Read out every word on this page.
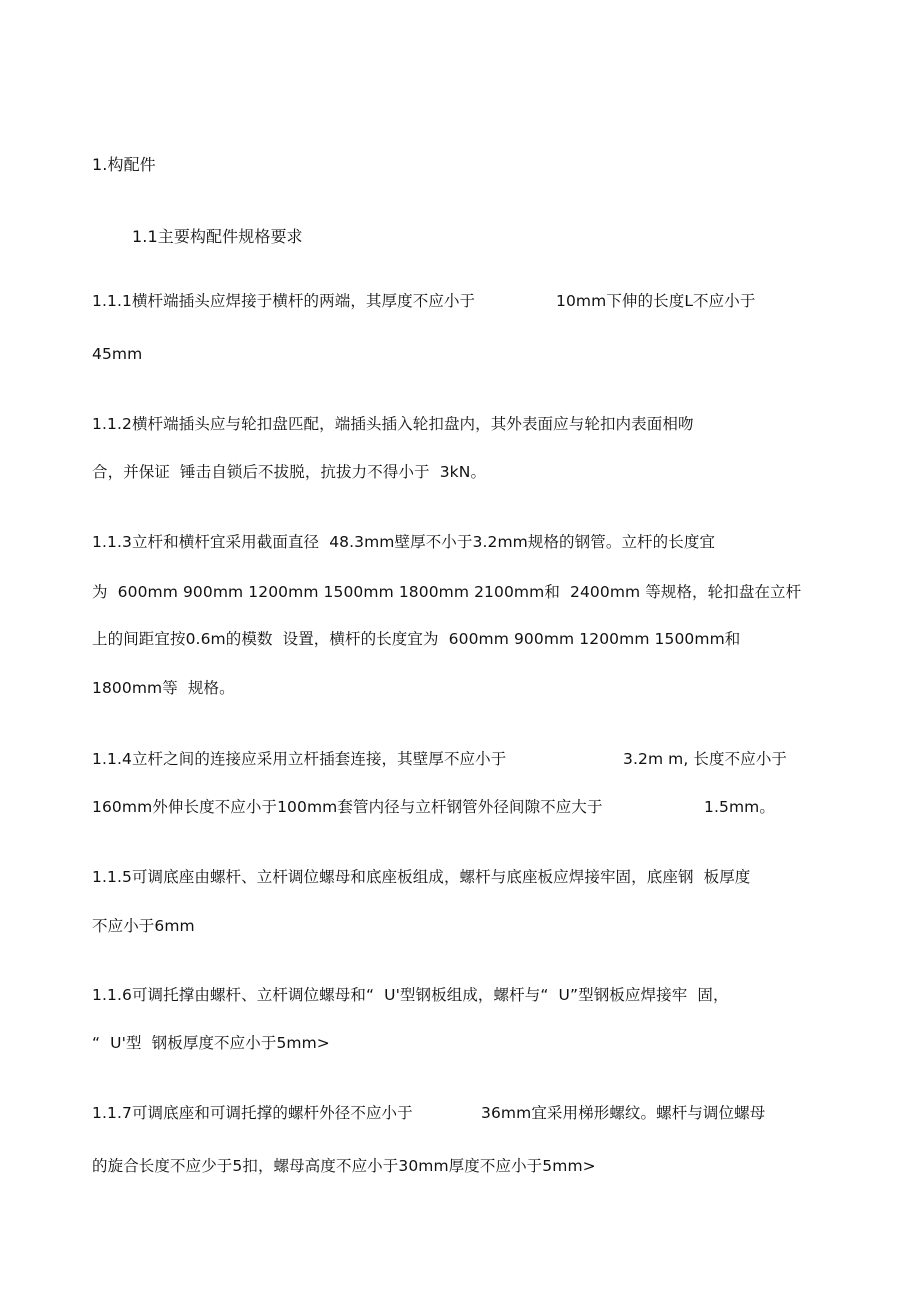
1.构配件
1.1主要构配件规格要求
1.1.1横杆端插头应焊接于横杆的两端，其厚度不应小于	10mm下伸的长度L不应小于
45mm
1.1.2横杆端插头应与轮扣盘匹配，端插头插入轮扣盘内，其外表面应与轮扣内表面相吻
合，并保证  锤击自锁后不拔脱，抗拔力不得小于  3kN。
1.1.3立杆和横杆宜采用截面直径  48.3mm壁厚不小于3.2mm规格的钢管。立杆的长度宜
为  600mm 900mm 1200mm 1500mm 1800mm 2100mm和  2400mm 等规格，轮扣盘在立杆
上的间距宜按0.6m的模数  设置，横杆的长度宜为  600mm 900mm 1200mm 1500mm和
1800mm等  规格。
1.1.4立杆之间的连接应采用立杆插套连接，其壁厚不应小于	3.2m m, 长度不应小于
160mm外伸长度不应小于100mm套管内径与立杆钢管外径间隙不应大于	1.5mm。
1.1.5可调底座由螺杆、立杆调位螺母和底座板组成，螺杆与底座板应焊接牢固，底座钢  板厚度
不应小于6mm
1.1.6可调托撑由螺杆、立杆调位螺母和“  U'型钢板组成，螺杆与“  U”型钢板应焊接牢  固，
“  U'型  钢板厚度不应小于5mm>
1.1.7可调底座和可调托撑的螺杆外径不应小于	36mm宜采用梯形螺纹。螺杆与调位螺母
的旋合长度不应少于5扣，螺母高度不应小于30mm厚度不应小于5mm>
